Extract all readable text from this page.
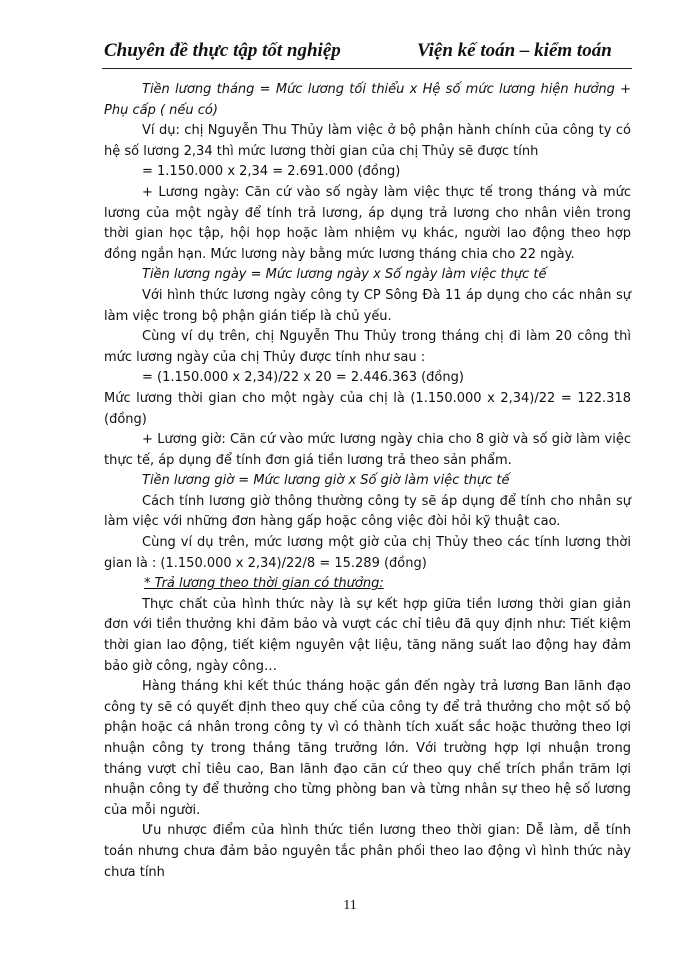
Chuyên đề thực tập tốt nghiệp	Viện kế toán – kiểm toán

Tiền lương tháng = Mức lương tối thiểu x Hệ số mức lương hiện hưởng + Phụ cấp ( nếu có)

Ví dụ: chị Nguyễn Thu Thủy làm việc ở bộ phận hành chính của công ty có hệ số lương 2,34 thì mức lương thời gian của chị Thủy sẽ được tính

= 1.150.000 x 2,34 = 2.691.000 (đồng)

+ Lương ngày: Căn cứ vào số ngày làm việc thực tế trong tháng và mức lương của một ngày để tính trả lương, áp dụng trả lương cho nhân viên trong thời gian học tập, hội họp hoặc làm nhiệm vụ khác, người lao động theo hợp đồng ngắn hạn. Mức lương này bằng mức lương tháng chia cho 22 ngày.

Tiền lương ngày = Mức lương ngày x Số ngày làm việc thực tế

Với hình thức lương ngày công ty CP Sông Đà 11 áp dụng cho các nhân sự làm việc trong bộ phận gián tiếp là chủ yếu.

Cùng ví dụ trên, chị Nguyễn Thu Thủy trong tháng chị đi làm 20 công thì mức lương ngày của chị Thủy được tính như sau :

= (1.150.000 x 2,34)/22 x 20 = 2.446.363 (đồng)

Mức lương thời gian cho một ngày của chị là (1.150.000 x 2,34)/22 = 122.318 (đồng)

+ Lương giờ: Căn cứ vào mức lương ngày chia cho 8 giờ và số giờ làm việc thực tế, áp dụng để tính đơn giá tiền lương trả theo sản phẩm.

Tiền lương giờ = Mức lương giờ x Số giờ làm việc thực tế

Cách tính lương giờ thông thường công ty sẽ áp dụng để tính cho nhân sự làm việc với những đơn hàng gấp hoặc công việc đòi hỏi kỹ thuật cao.

Cùng ví dụ trên, mức lương một giờ của chị Thủy theo các tính lương thời gian là : (1.150.000 x 2,34)/22/8 = 15.289 (đồng)

* Trả lương theo thời gian có thưởng:

Thực chất của hình thức này là sự kết hợp giữa tiền lương thời gian giản đơn với tiền thưởng khi đảm bảo và vượt các chỉ tiêu đã quy định như: Tiết kiệm thời gian lao động, tiết kiệm nguyên vật liệu, tăng năng suất lao động hay đảm bảo giờ công, ngày công…

Hàng tháng khi kết thúc tháng hoặc gần đến ngày trả lương Ban lãnh đạo công ty sẽ có quyết định theo quy chế của công ty để trả thưởng cho một số bộ phận hoặc cá nhân trong công ty vì có thành tích xuất sắc hoặc thưởng theo lợi nhuận công ty trong tháng tăng trưởng lớn. Với trường hợp lợi nhuận trong tháng vượt chỉ tiêu cao, Ban lãnh đạo căn cứ theo quy chế trích phần trăm lợi nhuận công ty để thưởng cho từng phòng ban và từng nhân sự theo hệ số lương của mỗi người.

Ưu nhược điểm của hình thức tiền lương theo thời gian: Dễ làm, dễ tính toán nhưng chưa đảm bảo nguyên tắc phân phối theo lao động vì hình thức này chưa tính

11
